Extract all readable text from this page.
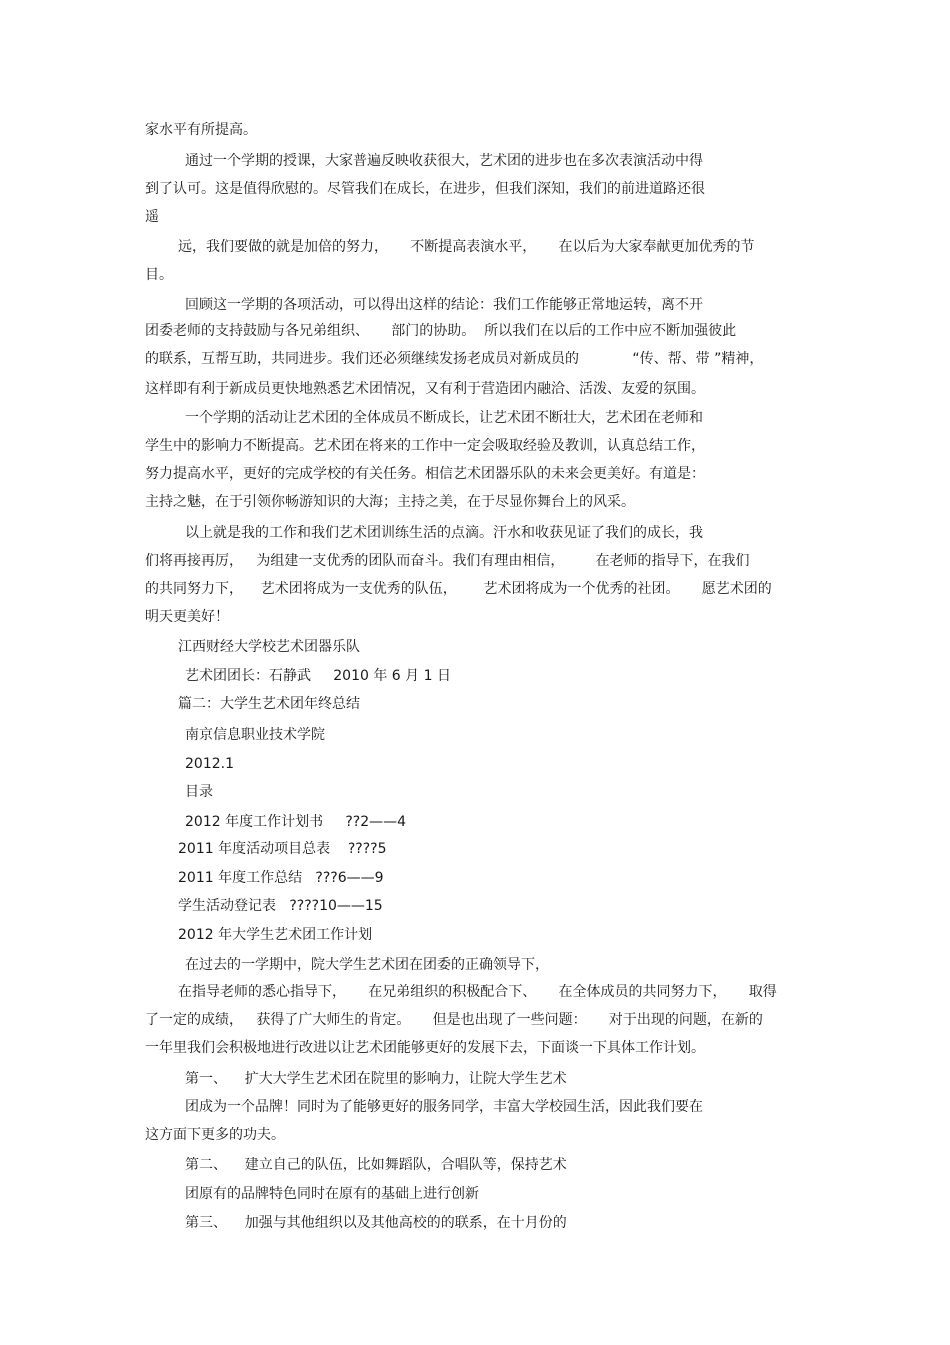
家水平有所提高。
通过一个学期的授课，大家普遍反映收获很大，艺术团的进步也在多次表演活动中得
到了认可。这是值得欣慰的。尽管我们在成长，在进步，但我们深知，我们的前进道路还很
遥
远，我们要做的就是加倍的努力，     不断提高表演水平，     在以后为大家奉献更加优秀的节
目。
回顾这一学期的各项活动，可以得出这样的结论：我们工作能够正常地运转，离不开
团委老师的支持鼓励与各兄弟组织、     部门的协助。  所以我们在以后的工作中应不断加强彼此
的联系，互帮互助，共同进步。我们还必须继续发扬老成员对新成员的            “传、帮、带 ”精神，
这样即有利于新成员更快地熟悉艺术团情况，又有利于营造团内融洽、活泼、友爱的氛围。
一个学期的活动让艺术团的全体成员不断成长，让艺术团不断壮大，艺术团在老师和
学生中的影响力不断提高。艺术团在将来的工作中一定会吸取经验及教训，认真总结工作，
努力提高水平，更好的完成学校的有关任务。相信艺术团器乐队的未来会更美好。有道是：
主持之魅，在于引领你畅游知识的大海；主持之美，在于尽显你舞台上的风采。
以上就是我的工作和我们艺术团训练生活的点滴。汗水和收获见证了我们的成长，我
们将再接再厉，   为组建一支优秀的团队而奋斗。我们有理由相信，       在老师的指导下，在我们
的共同努力下，    艺术团将成为一支优秀的队伍，      艺术团将成为一个优秀的社团。     愿艺术团的
明天更美好！
江西财经大学校艺术团器乐队
艺术团团长：石静武     2010 年 6 月 1 日
篇二：大学生艺术团年终总结
南京信息职业技术学院
2012.1
目录
2012 年度工作计划书     ??2——4
2011 年度活动项目总表    ????5
2011 年度工作总结   ???6——9
学生活动登记表   ????10——15
2012 年大学生艺术团工作计划
在过去的一学期中，院大学生艺术团在团委的正确领导下，
在指导老师的悉心指导下，     在兄弟组织的积极配合下、     在全体成员的共同努力下，     取得
了一定的成绩，   获得了广大师生的肯定。     但是也出现了一些问题：     对于出现的问题，在新的
一年里我们会积极地进行改进以让艺术团能够更好的发展下去，下面谈一下具体工作计划。
第一、    扩大大学生艺术团在院里的影响力，让院大学生艺术
团成为一个品牌！同时为了能够更好的服务同学，丰富大学校园生活，因此我们要在
这方面下更多的功夫。
第二、    建立自己的队伍，比如舞蹈队，合唱队等，保持艺术
团原有的品牌特色同时在原有的基础上进行创新
第三、    加强与其他组织以及其他高校的的联系，在十月份的
